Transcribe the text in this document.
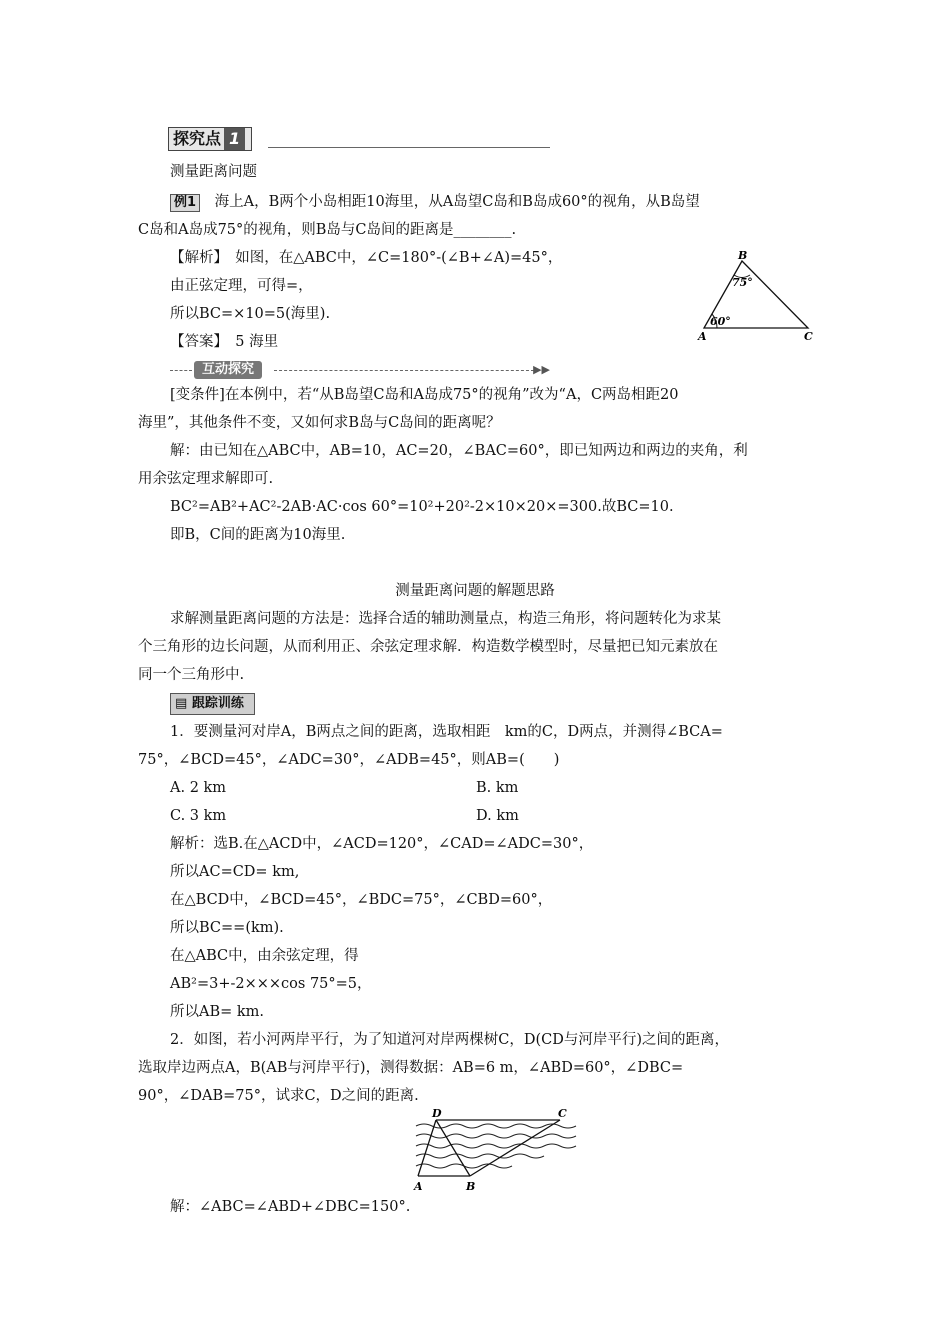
探究点 1
测量距离问题
例1 海上A，B两个小岛相距10海里，从A岛望C岛和B岛成60°的视角，从B岛望
C岛和A岛成75°的视角，则B岛与C岛间的距离是________.
【解析】　如图，在△ABC中，∠C=180°-(∠B+∠A)=45°，
由正弦定理，可得=，
所以BC=×10=5(海里).
【答案】　5 海里
B
A	C
75°
60°
互动探究	▶▶
[变条件]在本例中，若“从B岛望C岛和A岛成75°的视角”改为“A，C两岛相距20
海里”，其他条件不变，又如何求B岛与C岛间的距离呢？
解：由已知在△ABC中，AB=10，AC=20，∠BAC=60°，即已知两边和两边的夹角，利
用余弦定理求解即可.
BC²=AB²+AC²-2AB·AC·cos 60°=10²+20²-2×10×20×=300.故BC=10.
即B，C间的距离为10海里.
测量距离问题的解题思路
求解测量距离问题的方法是：选择合适的辅助测量点，构造三角形，将问题转化为求某
个三角形的边长问题，从而利用正、余弦定理求解．构造数学模型时，尽量把已知元素放在
同一个三角形中.
▤ 跟踪训练
1．要测量河对岸A，B两点之间的距离，选取相距　km的C，D两点，并测得∠BCA=
75°，∠BCD=45°，∠ADC=30°，∠ADB=45°，则AB=(　　)
A. 2 km	B. km
C. 3 km	D. km
解析：选B.在△ACD中，∠ACD=120°，∠CAD=∠ADC=30°，
所以AC=CD= km,
在△BCD中，∠BCD=45°，∠BDC=75°，∠CBD=60°，
所以BC==(km).
在△ABC中，由余弦定理，得
AB²=3+-2×××cos 75°=5，
所以AB= km.
2．如图，若小河两岸平行，为了知道河对岸两棵树C，D(CD与河岸平行)之间的距离，
选取岸边两点A，B(AB与河岸平行)，测得数据：AB=6 m，∠ABD=60°，∠DBC=
90°，∠DAB=75°，试求C，D之间的距离.
D	C
A	B
解：∠ABC=∠ABD+∠DBC=150°.
